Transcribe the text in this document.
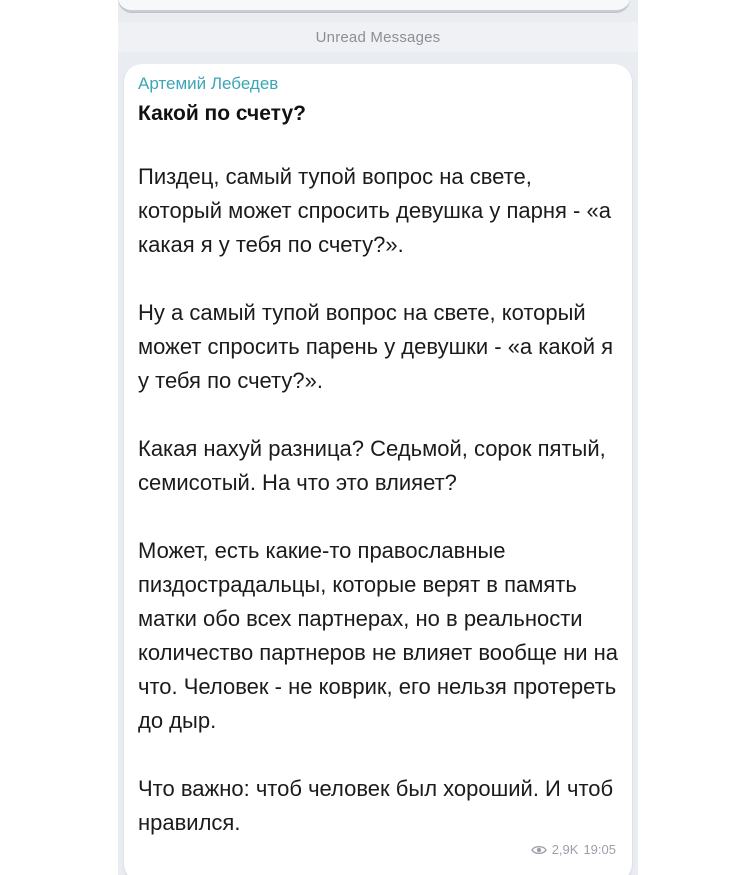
Unread Messages
Артемий Лебедев
Какой по счету?

Пиздец, самый тупой вопрос на свете, который может спросить девушка у парня - «а какая я у тебя по счету?».

Ну а самый тупой вопрос на свете, который может спросить парень у девушки - «а какой я у тебя по счету?».

Какая нахуй разница? Седьмой, сорок пятый, семисотый. На что это влияет?

Может, есть какие-то православные пиздострадальцы, которые верят в память матки обо всех партнерах, но в реальности количество партнеров не влияет вообще ни на что. Человек - не коврик, его нельзя протереть до дыр.

Что важно: чтоб человек был хороший. И чтоб нравился.

2,9K 19:05
